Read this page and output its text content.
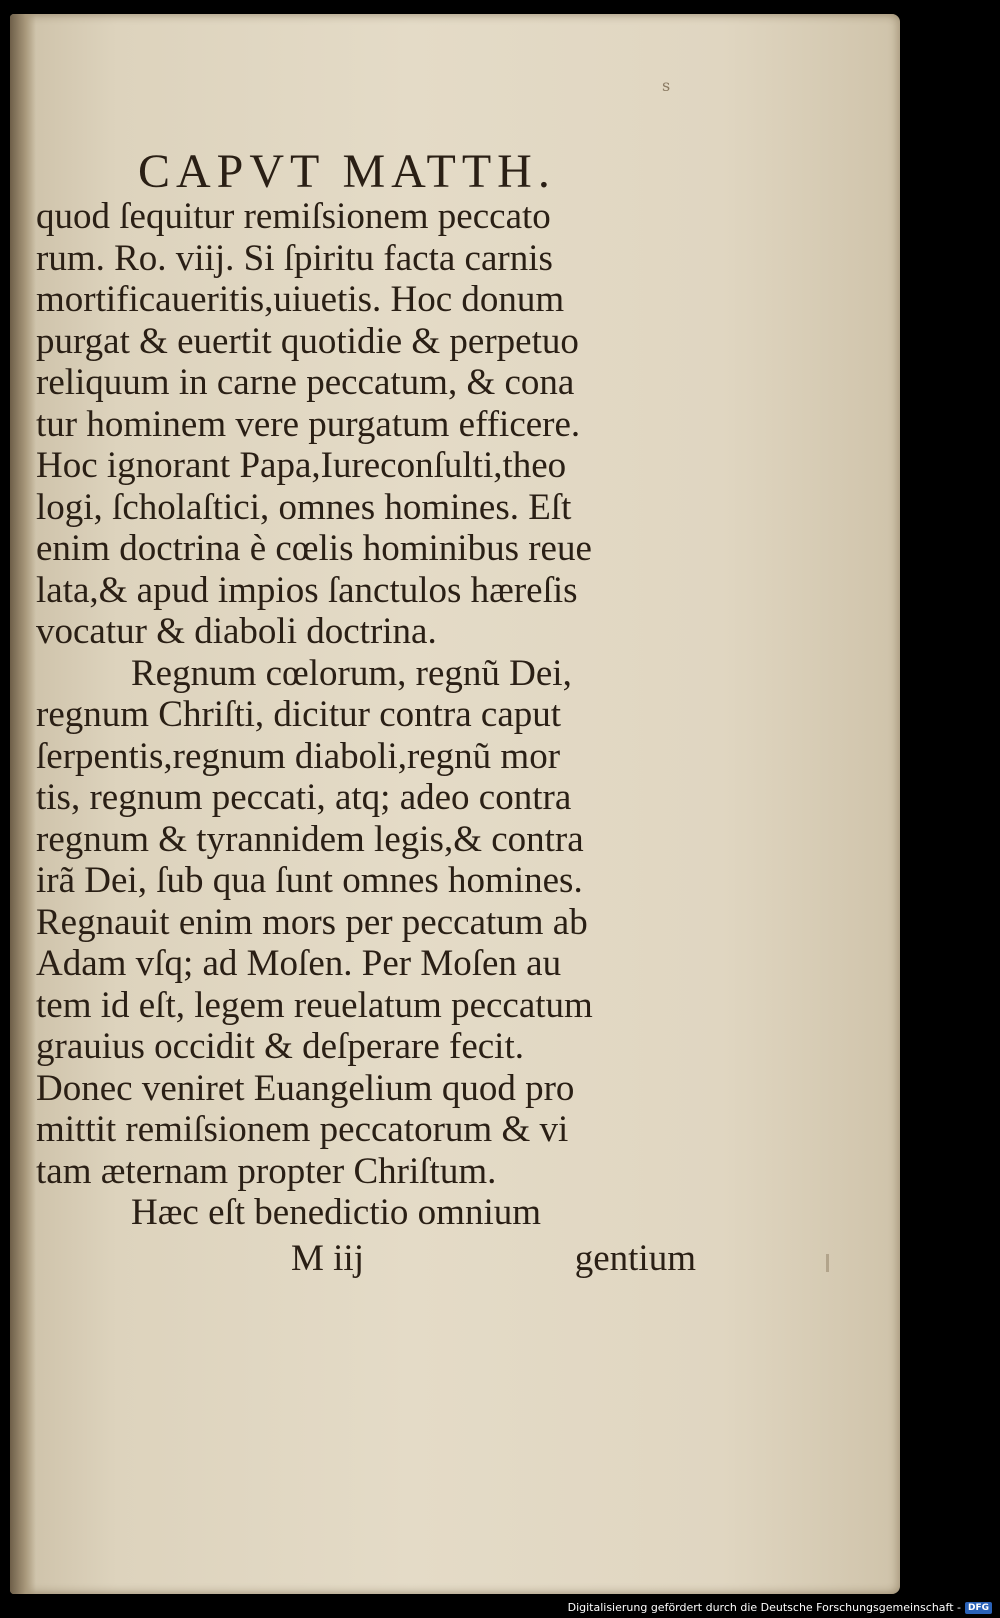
s
CAPVT MATTH.
quod ſequitur remiſsionem peccato
rum. Ro. viij. Si ſpiritu facta carnis
mortificaueritis,uiuetis. Hoc donum
purgat & euertit quotidie & perpetuo
reliquum in carne peccatum, & cona
tur hominem vere purgatum efficere.
Hoc ignorant Papa,Iureconſulti,theo
logi, ſcholaſtici, omnes homines. Eſt
enim doctrina è cœlis hominibus reue
lata,& apud impios ſanctulos hæreſis
vocatur & diaboli doctrina.
Regnum cœlorum, regnũ Dei,
regnum Chriſti, dicitur contra caput
ſerpentis,regnum diaboli,regnũ mor
tis, regnum peccati, atq; adeo contra
regnum & tyrannidem legis,& contra
irã Dei, ſub qua ſunt omnes homines.
Regnauit enim mors per peccatum ab
Adam vſq; ad Moſen. Per Moſen au
tem id eſt, legem reuelatum peccatum
grauius occidit & deſperare fecit.
Donec veniret Euangelium quod pro
mittit remiſsionem peccatorum & vi
tam æternam propter Chriſtum.
Hæc eſt benedictio omnium
M iij	gentium
Digitalisierung gefördert durch die Deutsche Forschungsgemeinschaft - DFG
